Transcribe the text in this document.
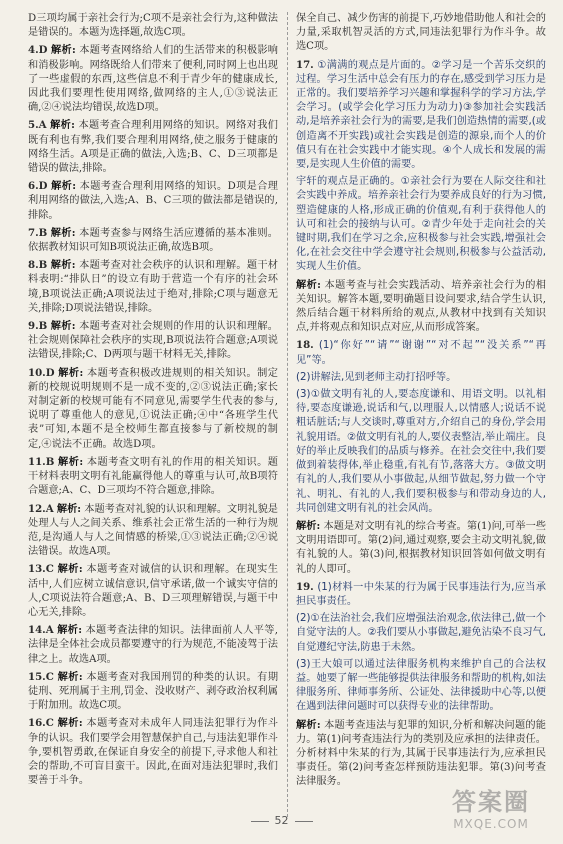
D三项均属于亲社会行为;C项不是亲社会行为,这种做法是错误的。本题为选择题,故选C项。
4.D 解析: 本题考查网络给人们的生活带来的积极影响和消极影响。网络既给人们带来了便利,同时网上也出现了一些虚假的东西,这些信息不利于青少年的健康成长,因此我们要理性使用网络,做网络的主人,①③说法正确,②④说法均错误,故选D项。
5.A 解析: 本题考查合理利用网络的知识。网络对我们既有利也有弊,我们要合理利用网络,使之服务于健康的网络生活。A项是正确的做法,入选;B、C、D三项都是错误的做法,排除。
6.D 解析: 本题考查合理利用网络的知识。D项是合理利用网络的做法,入选;A、B、C三项的做法都是错误的,排除。
7.B 解析: 本题考查参与网络生活应遵循的基本准则。依据教材知识可知B项说法正确,故选B项。
8.B 解析: 本题考查对社会秩序的认识和理解。题干材料表明:“排队日”的设立有助于营造一个有序的社会环境,B项说法正确;A项说法过于绝对,排除;C项与题意无关,排除;D项说法错误,排除。
9.B 解析: 本题考查对社会规则的作用的认识和理解。社会规则保障社会秩序的实现,B项说法符合题意;A项说法错误,排除;C、D两项与题干材料无关,排除。
10.D 解析: 本题考查积极改进规则的相关知识。制定新的校规说明规则不是一成不变的,②③说法正确;家长对制定新的校规可能有不同意见,需要学生代表的参与,说明了尊重他人的意见,①说法正确;④中“各班学生代表”可知,本题不是全校师生都直接参与了新校规的制定,④说法不正确。故选D项。
11.B 解析: 本题考查文明有礼的作用的相关知识。题干材料表明文明有礼能赢得他人的尊重与认可,故B项符合题意;A、C、D三项均不符合题意,排除。
12.A 解析: 本题考查对礼貌的认识和理解。文明礼貌是处理人与人之间关系、维系社会正常生活的一种行为规范,是沟通人与人之间情感的桥梁,①③说法正确;②④说法错误。故选A项。
13.C 解析: 本题考查对诚信的认识和理解。在现实生活中,人们应树立诚信意识,信守承诺,做一个诚实守信的人,C项说法符合题意;A、B、D三项理解错误,与题干中心无关,排除。
14.A 解析: 本题考查法律的知识。法律面前人人平等,法律是全体社会成员都要遵守的行为规范,不能凌驾于法律之上。故选A项。
15.C 解析: 本题考查对我国刑罚的种类的认识。有期徒刑、死刑属于主刑,罚金、没收财产、剥夺政治权利属于附加刑。故选C项。
16.C 解析: 本题考查对未成年人同违法犯罪行为作斗争的认识。我们要学会用智慧保护自己,与违法犯罪作斗争,要机智勇敢,在保证自身安全的前提下,寻求他人和社会的帮助,不可盲目蛮干。因此,在面对违法犯罪时,我们要善于斗争。
保全自己、减少伤害的前提下,巧妙地借助他人和社会的力量,采取机智灵活的方式,同违法犯罪行为作斗争。故选C项。
17. ①满满的观点是片面的。②学习是一个苦乐交织的过程。学习生活中总会有压力的存在,感受到学习压力是正常的。我们要培养学习兴趣和掌握科学的学习方法,学会学习。(或学会化学习压力为动力)③参加社会实践活动,是培养亲社会行为的需要,是我们创造热情的需要,(或创造离不开实践)或社会实践是创造的源泉,而个人的价值只有在社会实践中才能实现。④个人成长和发展的需要,是实现人生价值的需要。
宇轩的观点是正确的。①亲社会行为要在人际交往和社会实践中养成。培养亲社会行为要养成良好的行为习惯,塑造健康的人格,形成正确的价值观,有利于获得他人的认可和社会的接纳与认可。②青少年处于走向社会的关键时期,我们在学习之余,应积极参与社会实践,增强社会化,在社会交往中学会遵守社会规则,积极参与公益活动,实现人生价值。
解析: 本题考查与社会实践活动、培养亲社会行为的相关知识。解答本题,要明确题目设问要求,结合学生认识,然后结合题干材料所给的观点,从教材中找到有关知识点,并将观点和知识点对应,从而形成答案。
18. (1)“你好”“请”“谢谢”“对不起”“没关系”“再见”等。
(2)讲解法,见到老师主动打招呼等。
(3)①做文明有礼的人,要态度谦和、用语文明。以礼相待,要态度谦逊,说话和气,以理服人,以情感人;说话不说粗话脏话;与人交谈时,尊重对方,介绍自己的身份,学会用礼貌用语。②做文明有礼的人,要仪表整洁,举止端庄。良好的举止反映我们的品质与修养。在社会交往中,我们要做到着装得体,举止稳重,有礼有节,落落大方。③做文明有礼的人,我们要从小事做起,从细节做起,努力做一个守礼、明礼、有礼的人,我们要积极参与和带动身边的人,共同创建文明有礼的社会风尚。
解析: 本题是对文明有礼的综合考查。第(1)问,可举一些文明用语即可。第(2)问,通过观察,要会主动文明礼貌,做有礼貌的人。第(3)问,根据教材知识回答如何做文明有礼的人即可。
19. (1)材料一中朱某的行为属于民事违法行为,应当承担民事责任。
(2)①在法治社会,我们应增强法治观念,依法律己,做一个自觉守法的人。②我们要从小事做起,避免沾染不良习气,自觉遵纪守法,防患于未然。
(3)王大娘可以通过法律服务机构来维护自己的合法权益。她要了解一些能够提供法律服务和帮助的机构,如法律服务所、律师事务所、公证处、法律援助中心等,以便在遇到法律问题时可以获得专业的法律帮助。
解析: 本题考查违法与犯罪的知识,分析和解决问题的能力。第(1)问考查违法行为的类别及应承担的法律责任。分析材料中朱某的行为,其属于民事违法行为,应承担民事责任。第(2)问考查怎样预防违法犯罪。第(3)问考查法律服务。
52
答案圈
MXQE.COM
